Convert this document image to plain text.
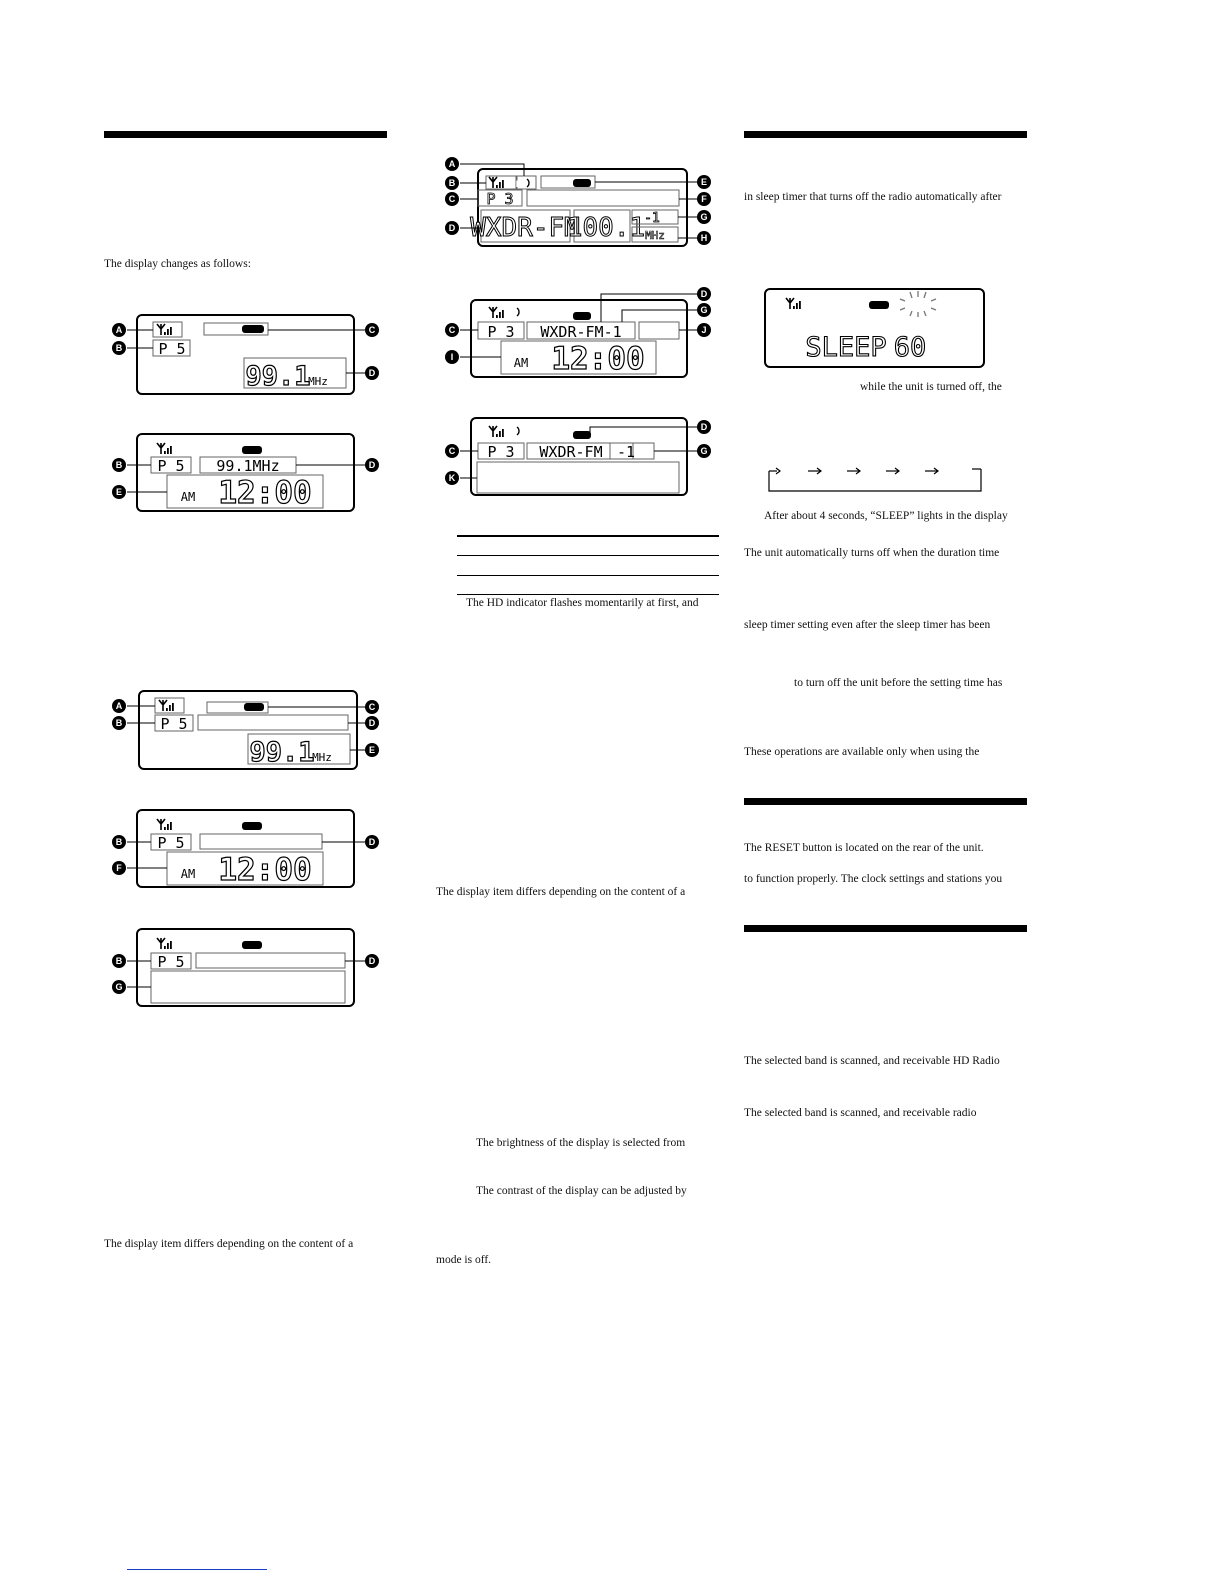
The display changes as follows:
The display item differs depending on the content of a
The HD indicator flashes momentarily at first, and
The display item differs depending on the content of a
The brightness of the display is selected from
The contrast of the display can be adjusted by
mode is off.
in sleep timer that turns off the radio automatically after
while the unit is turned off, the
After about 4 seconds, “SLEEP” lights in the display
The unit automatically turns off when the duration time
sleep timer setting even after the sleep timer has been
to turn off the unit before the setting time has
These operations are available only when using the
The RESET button is located on the rear of the unit.
to function properly. The clock settings and stations you
The selected band is scanned, and receivable HD Radio
The selected band is scanned, and receivable radio
H
P 5
99.1
MHz
P 5 99.1MHz
AM 12:00
P 5
99.1
MHz
P 5
AM 12:00
P 5
P 3
WXDR-FM
100.1 -1
MHz
P 3 WXDR-FM-1
AM 12:00
P 3 WXDR-FM -1
SLEEP 60
A
B
C
D
B
E
D
A
B
C
D
E
B
F
D
B
G
D
A
B
C
D
E
F
G
H
D
G
J
C
I
D
G
C
K
